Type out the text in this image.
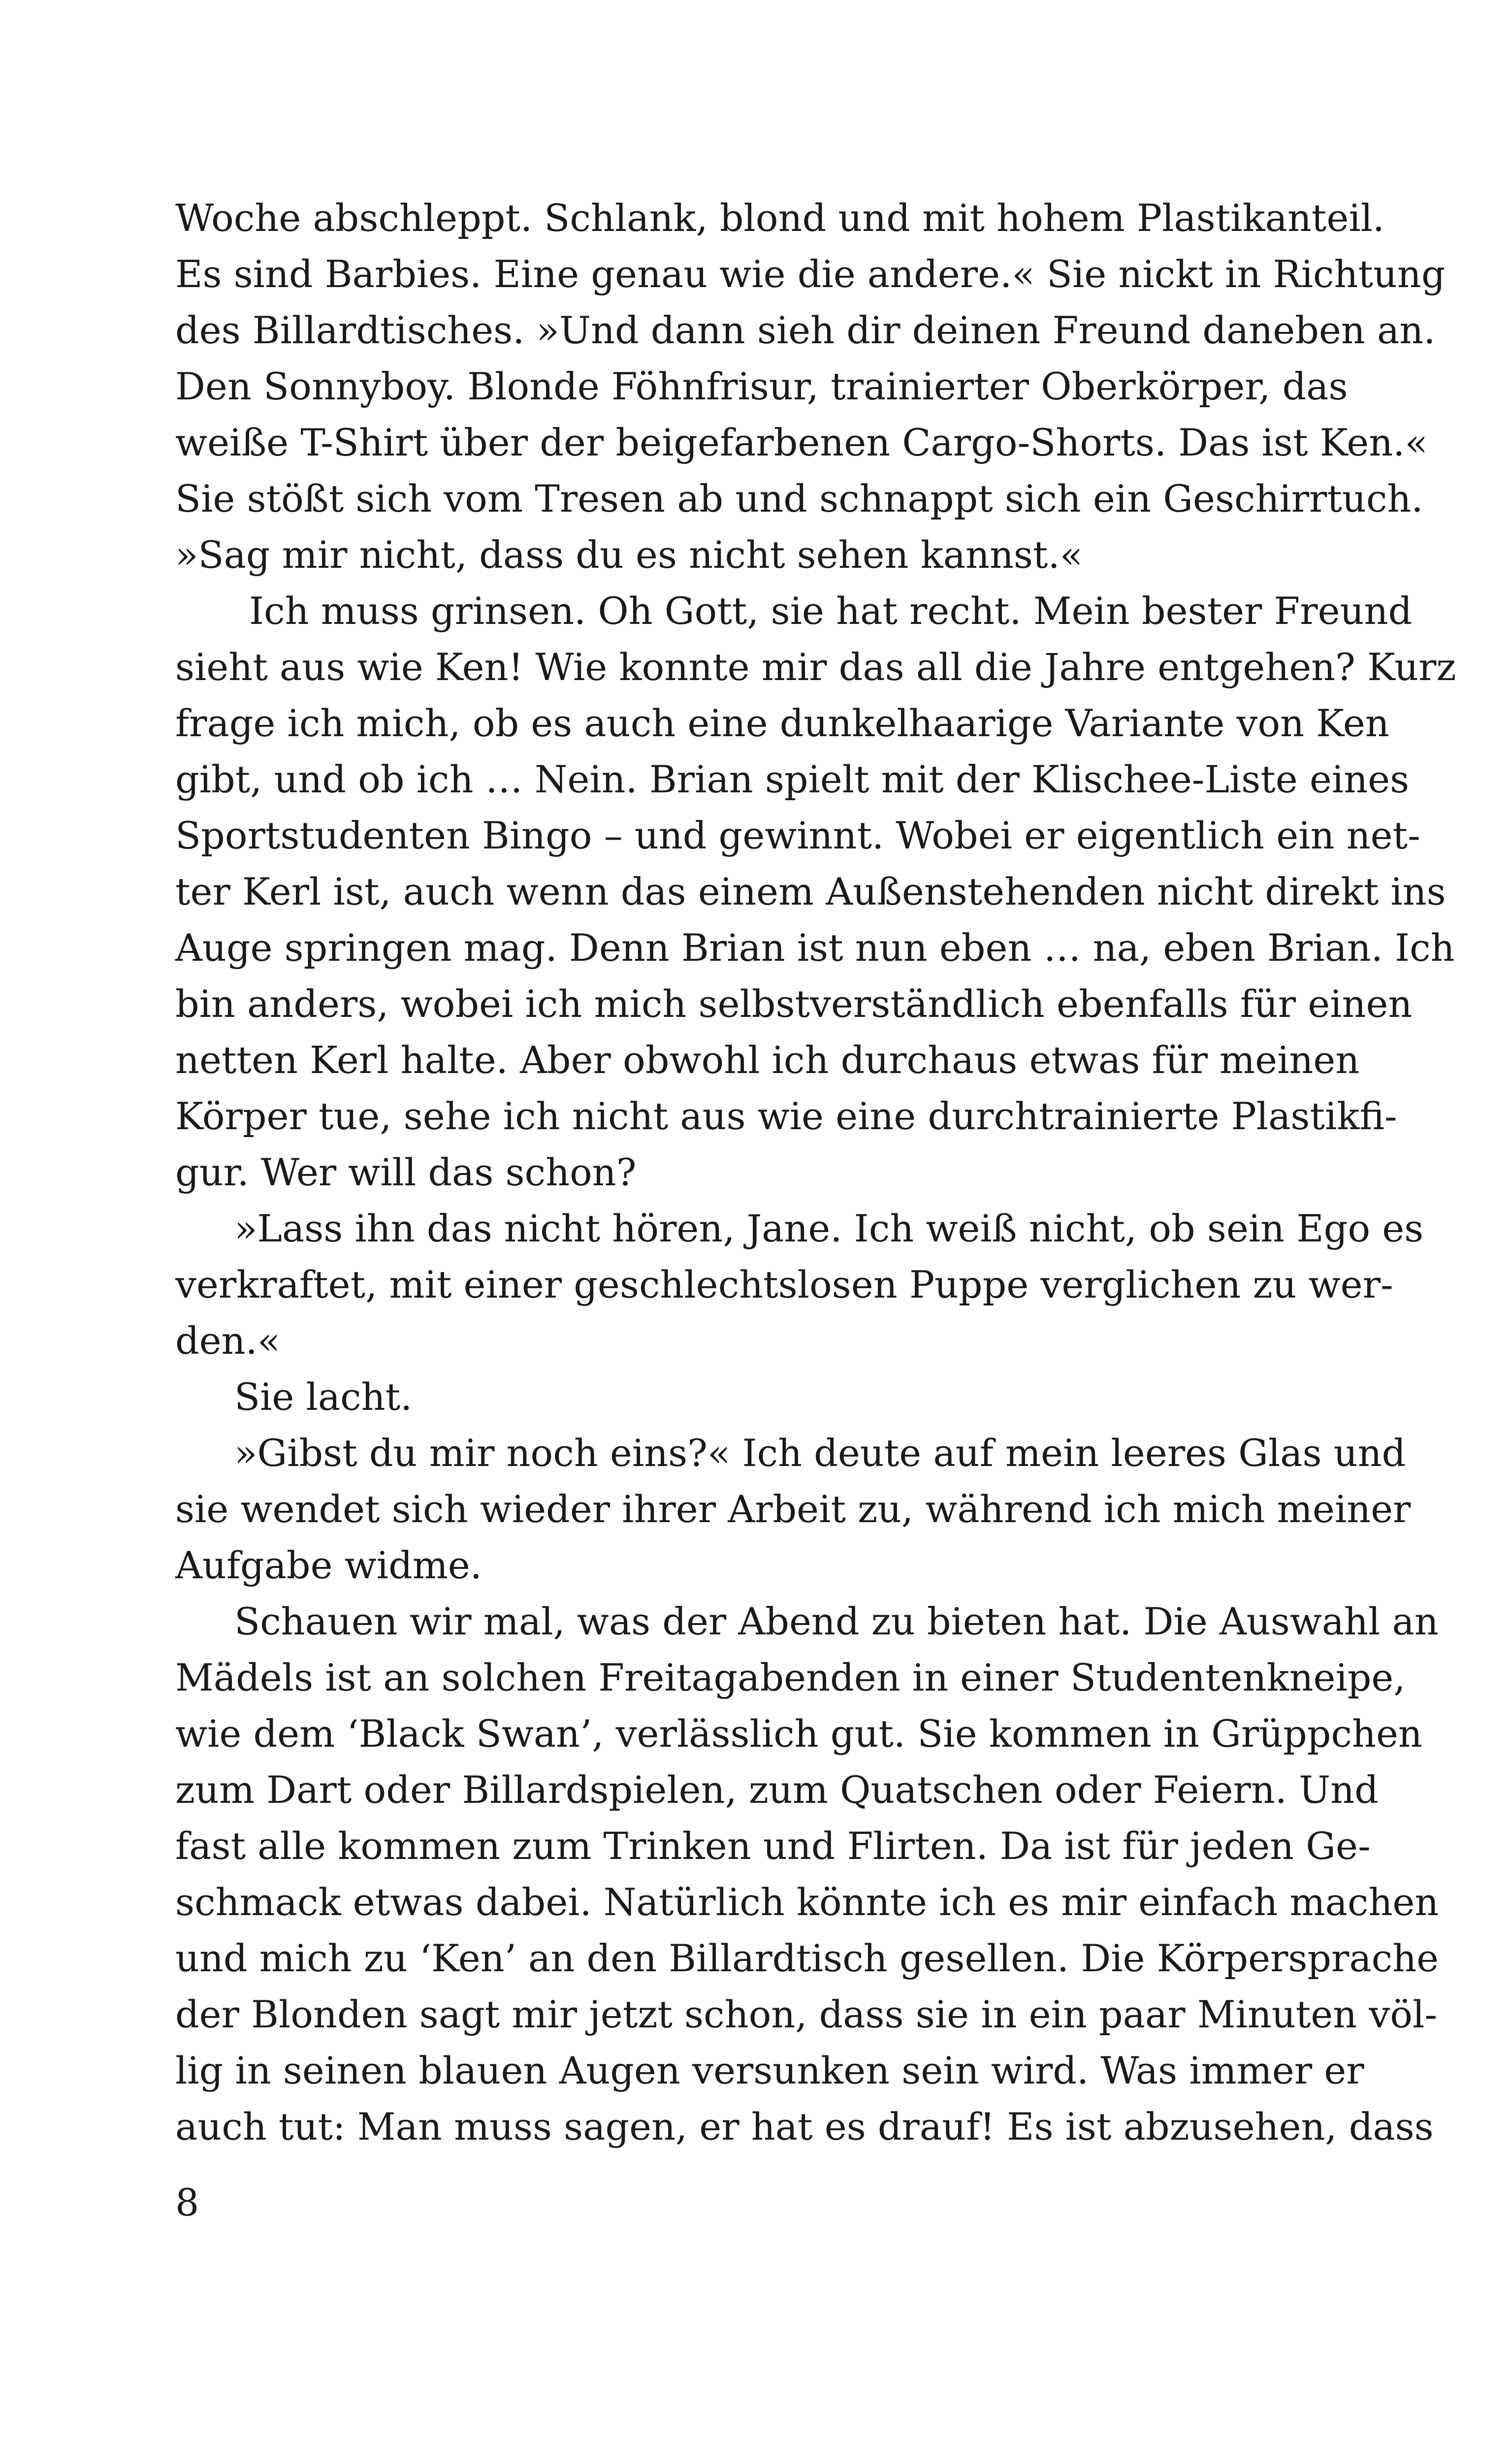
Woche abschleppt. Schlank, blond und mit hohem Plastikanteil.
Es sind Barbies. Eine genau wie die andere.« Sie nickt in Richtung
des Billardtisches. »Und dann sieh dir deinen Freund daneben an.
Den Sonnyboy. Blonde Föhnfrisur, trainierter Oberkörper, das
weiße T-Shirt über der beigefarbenen Cargo-Shorts. Das ist Ken.«
Sie stößt sich vom Tresen ab und schnappt sich ein Geschirrtuch.
»Sag mir nicht, dass du es nicht sehen kannst.«
Ich muss grinsen. Oh Gott, sie hat recht. Mein bester Freund
sieht aus wie Ken! Wie konnte mir das all die Jahre entgehen? Kurz
frage ich mich, ob es auch eine dunkelhaarige Variante von Ken
gibt, und ob ich … Nein. Brian spielt mit der Klischee-Liste eines
Sportstudenten Bingo – und gewinnt. Wobei er eigentlich ein net-
ter Kerl ist, auch wenn das einem Außenstehenden nicht direkt ins
Auge springen mag. Denn Brian ist nun eben … na, eben Brian. Ich
bin anders, wobei ich mich selbstverständlich ebenfalls für einen
netten Kerl halte. Aber obwohl ich durchaus etwas für meinen
Körper tue, sehe ich nicht aus wie eine durchtrainierte Plastikfi-
gur. Wer will das schon?
»Lass ihn das nicht hören, Jane. Ich weiß nicht, ob sein Ego es
verkraftet, mit einer geschlechtslosen Puppe verglichen zu wer-
den.«
Sie lacht.
»Gibst du mir noch eins?« Ich deute auf mein leeres Glas und
sie wendet sich wieder ihrer Arbeit zu, während ich mich meiner
Aufgabe widme.
Schauen wir mal, was der Abend zu bieten hat. Die Auswahl an
Mädels ist an solchen Freitagabenden in einer Studentenkneipe,
wie dem ‘Black Swan’, verlässlich gut. Sie kommen in Grüppchen
zum Dart oder Billardspielen, zum Quatschen oder Feiern. Und
fast alle kommen zum Trinken und Flirten. Da ist für jeden Ge-
schmack etwas dabei. Natürlich könnte ich es mir einfach machen
und mich zu ‘Ken’ an den Billardtisch gesellen. Die Körpersprache
der Blonden sagt mir jetzt schon, dass sie in ein paar Minuten völ-
lig in seinen blauen Augen versunken sein wird. Was immer er
auch tut: Man muss sagen, er hat es drauf! Es ist abzusehen, dass
8
